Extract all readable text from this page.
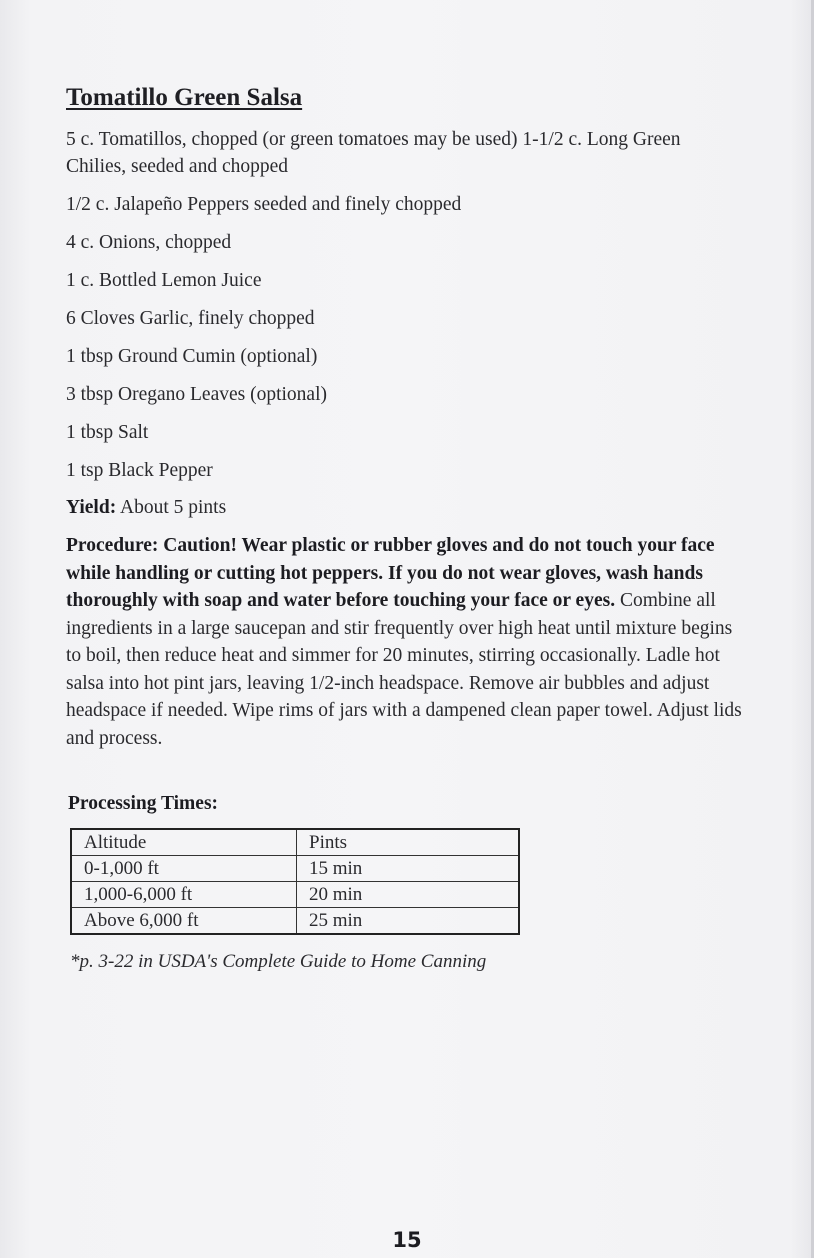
Tomatillo Green Salsa
5 c. Tomatillos, chopped (or green tomatoes may be used) 1-1/2 c. Long Green Chilies, seeded and chopped
1/2 c. Jalapeño Peppers seeded and finely chopped
4 c. Onions, chopped
1 c. Bottled Lemon Juice
6 Cloves Garlic, finely chopped
1 tbsp Ground Cumin (optional)
3 tbsp Oregano Leaves (optional)
1 tbsp Salt
1 tsp Black Pepper

Yield: About 5 pints

Procedure: Caution! Wear plastic or rubber gloves and do not touch your face while handling or cutting hot peppers. If you do not wear gloves, wash hands thoroughly with soap and water before touching your face or eyes. Combine all ingredients in a large saucepan and stir frequently over high heat until mixture begins to boil, then reduce heat and simmer for 20 minutes, stirring occasionally. Ladle hot salsa into hot pint jars, leaving 1/2-inch headspace. Remove air bubbles and adjust headspace if needed. Wipe rims of jars with a dampened clean paper towel. Adjust lids and process.

Processing Times:

Altitude	Pints
0-1,000 ft	15 min
1,000-6,000 ft	20 min
Above 6,000 ft	25 min

*p. 3-22 in USDA's Complete Guide to Home Canning

15
